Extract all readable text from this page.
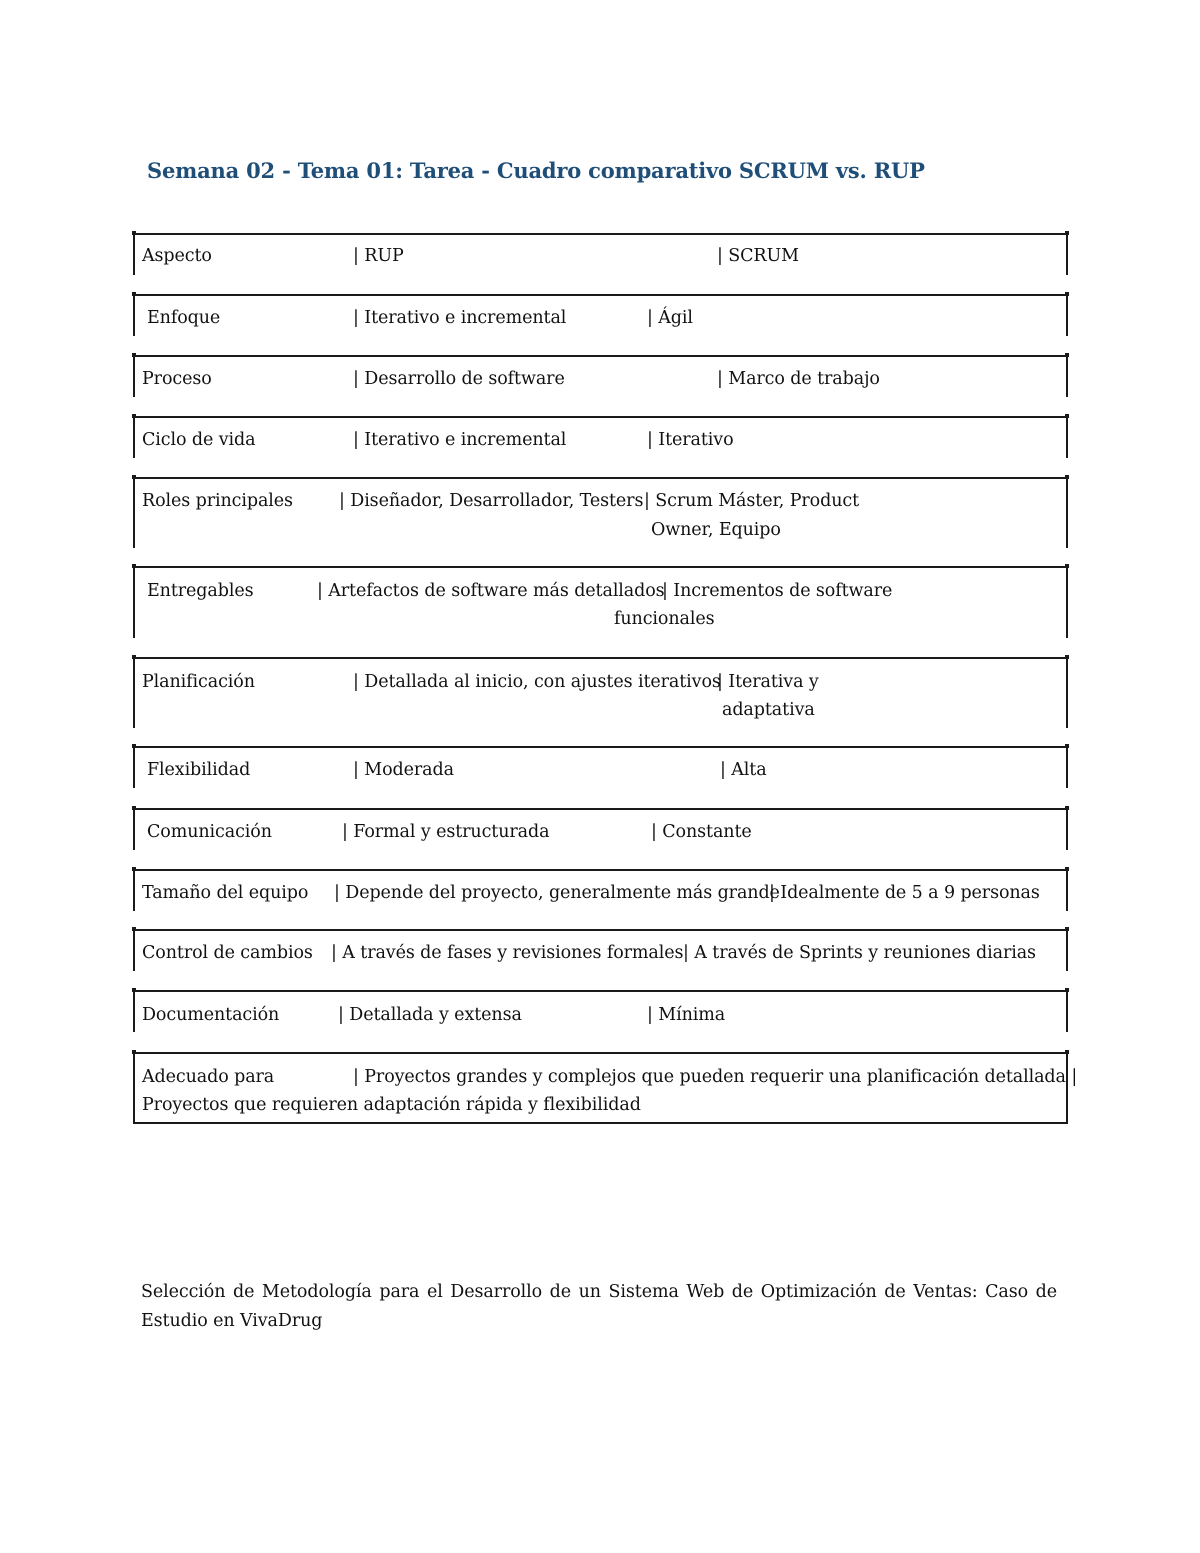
Semana 02 - Tema 01: Tarea - Cuadro comparativo SCRUM vs. RUP
Aspecto	| RUP	| SCRUM
Enfoque	| Iterativo e incremental	| Ágil
Proceso	| Desarrollo de software	| Marco de trabajo
Ciclo de vida	| Iterativo e incremental	| Iterativo
Roles principales	| Diseñador, Desarrollador, Testers | Scrum Máster, Product
Owner, Equipo
Entregables	| Artefactos de software más detallados
| Incrementos de software
funcionales
Planificación	| Detallada al inicio, con ajustes iterativos
| Iterativa y
adaptativa
Flexibilidad	| Moderada	| Alta
Comunicación	| Formal y estructurada	| Constante
Tamaño del equipo | Depende del proyecto, generalmente más grande
| Idealmente de 5 a 9 personas
Control de cambios | A través de fases y revisiones formales | A través de Sprints y reuniones diarias
Documentación	| Detallada y extensa	| Mínima
Adecuado para	| Proyectos grandes y complejos que pueden requerir una planificación detallada |
Proyectos que requieren adaptación rápida y flexibilidad
Selección de Metodología para el Desarrollo de un Sistema Web de Optimización de Ventas: Caso de Estudio en VivaDrug
